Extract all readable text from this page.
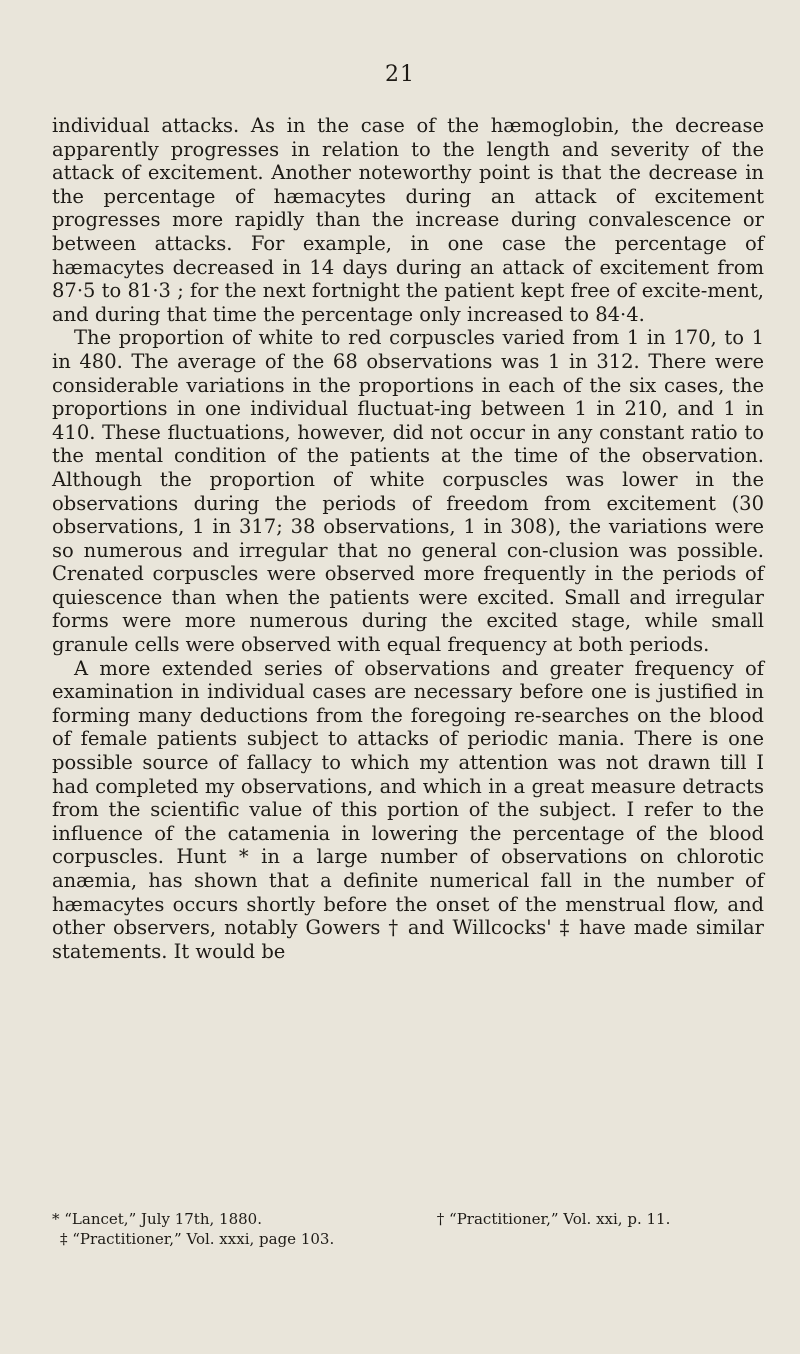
21

individual attacks. As in the case of the hæmoglobin, the decrease apparently progresses in relation to the length and severity of the attack of excitement. Another noteworthy point is that the decrease in the percentage of hæmacytes during an attack of excitement progresses more rapidly than the increase during convalescence or between attacks. For example, in one case the percentage of hæmacytes decreased in 14 days during an attack of excitement from 87·5 to 81·3 ; for the next fortnight the patient kept free of excite-ment, and during that time the percentage only increased to 84·4.

The proportion of white to red corpuscles varied from 1 in 170, to 1 in 480. The average of the 68 observations was 1 in 312. There were considerable variations in the proportions in each of the six cases, the proportions in one individual fluctuat-ing between 1 in 210, and 1 in 410. These fluctuations, however, did not occur in any constant ratio to the mental condition of the patients at the time of the observation. Although the proportion of white corpuscles was lower in the observations during the periods of freedom from excitement (30 observations, 1 in 317; 38 observations, 1 in 308), the variations were so numerous and irregular that no general con-clusion was possible. Crenated corpuscles were observed more frequently in the periods of quiescence than when the patients were excited. Small and irregular forms were more numerous during the excited stage, while small granule cells were observed with equal frequency at both periods.

A more extended series of observations and greater frequency of examination in individual cases are necessary before one is justified in forming many deductions from the foregoing re-searches on the blood of female patients subject to attacks of periodic mania. There is one possible source of fallacy to which my attention was not drawn till I had completed my observations, and which in a great measure detracts from the scientific value of this portion of the subject. I refer to the influence of the catamenia in lowering the percentage of the blood corpuscles. Hunt * in a large number of observations on chlorotic anæmia, has shown that a definite numerical fall in the number of hæmacytes occurs shortly before the onset of the menstrual flow, and other observers, notably Gowers † and Willcocks' ‡ have made similar statements. It would be

* “Lancet,” July 17th, 1880.	† “Practitioner,” Vol. xxi, p. 11.
‡ “Practitioner,” Vol. xxxi, page 103.
